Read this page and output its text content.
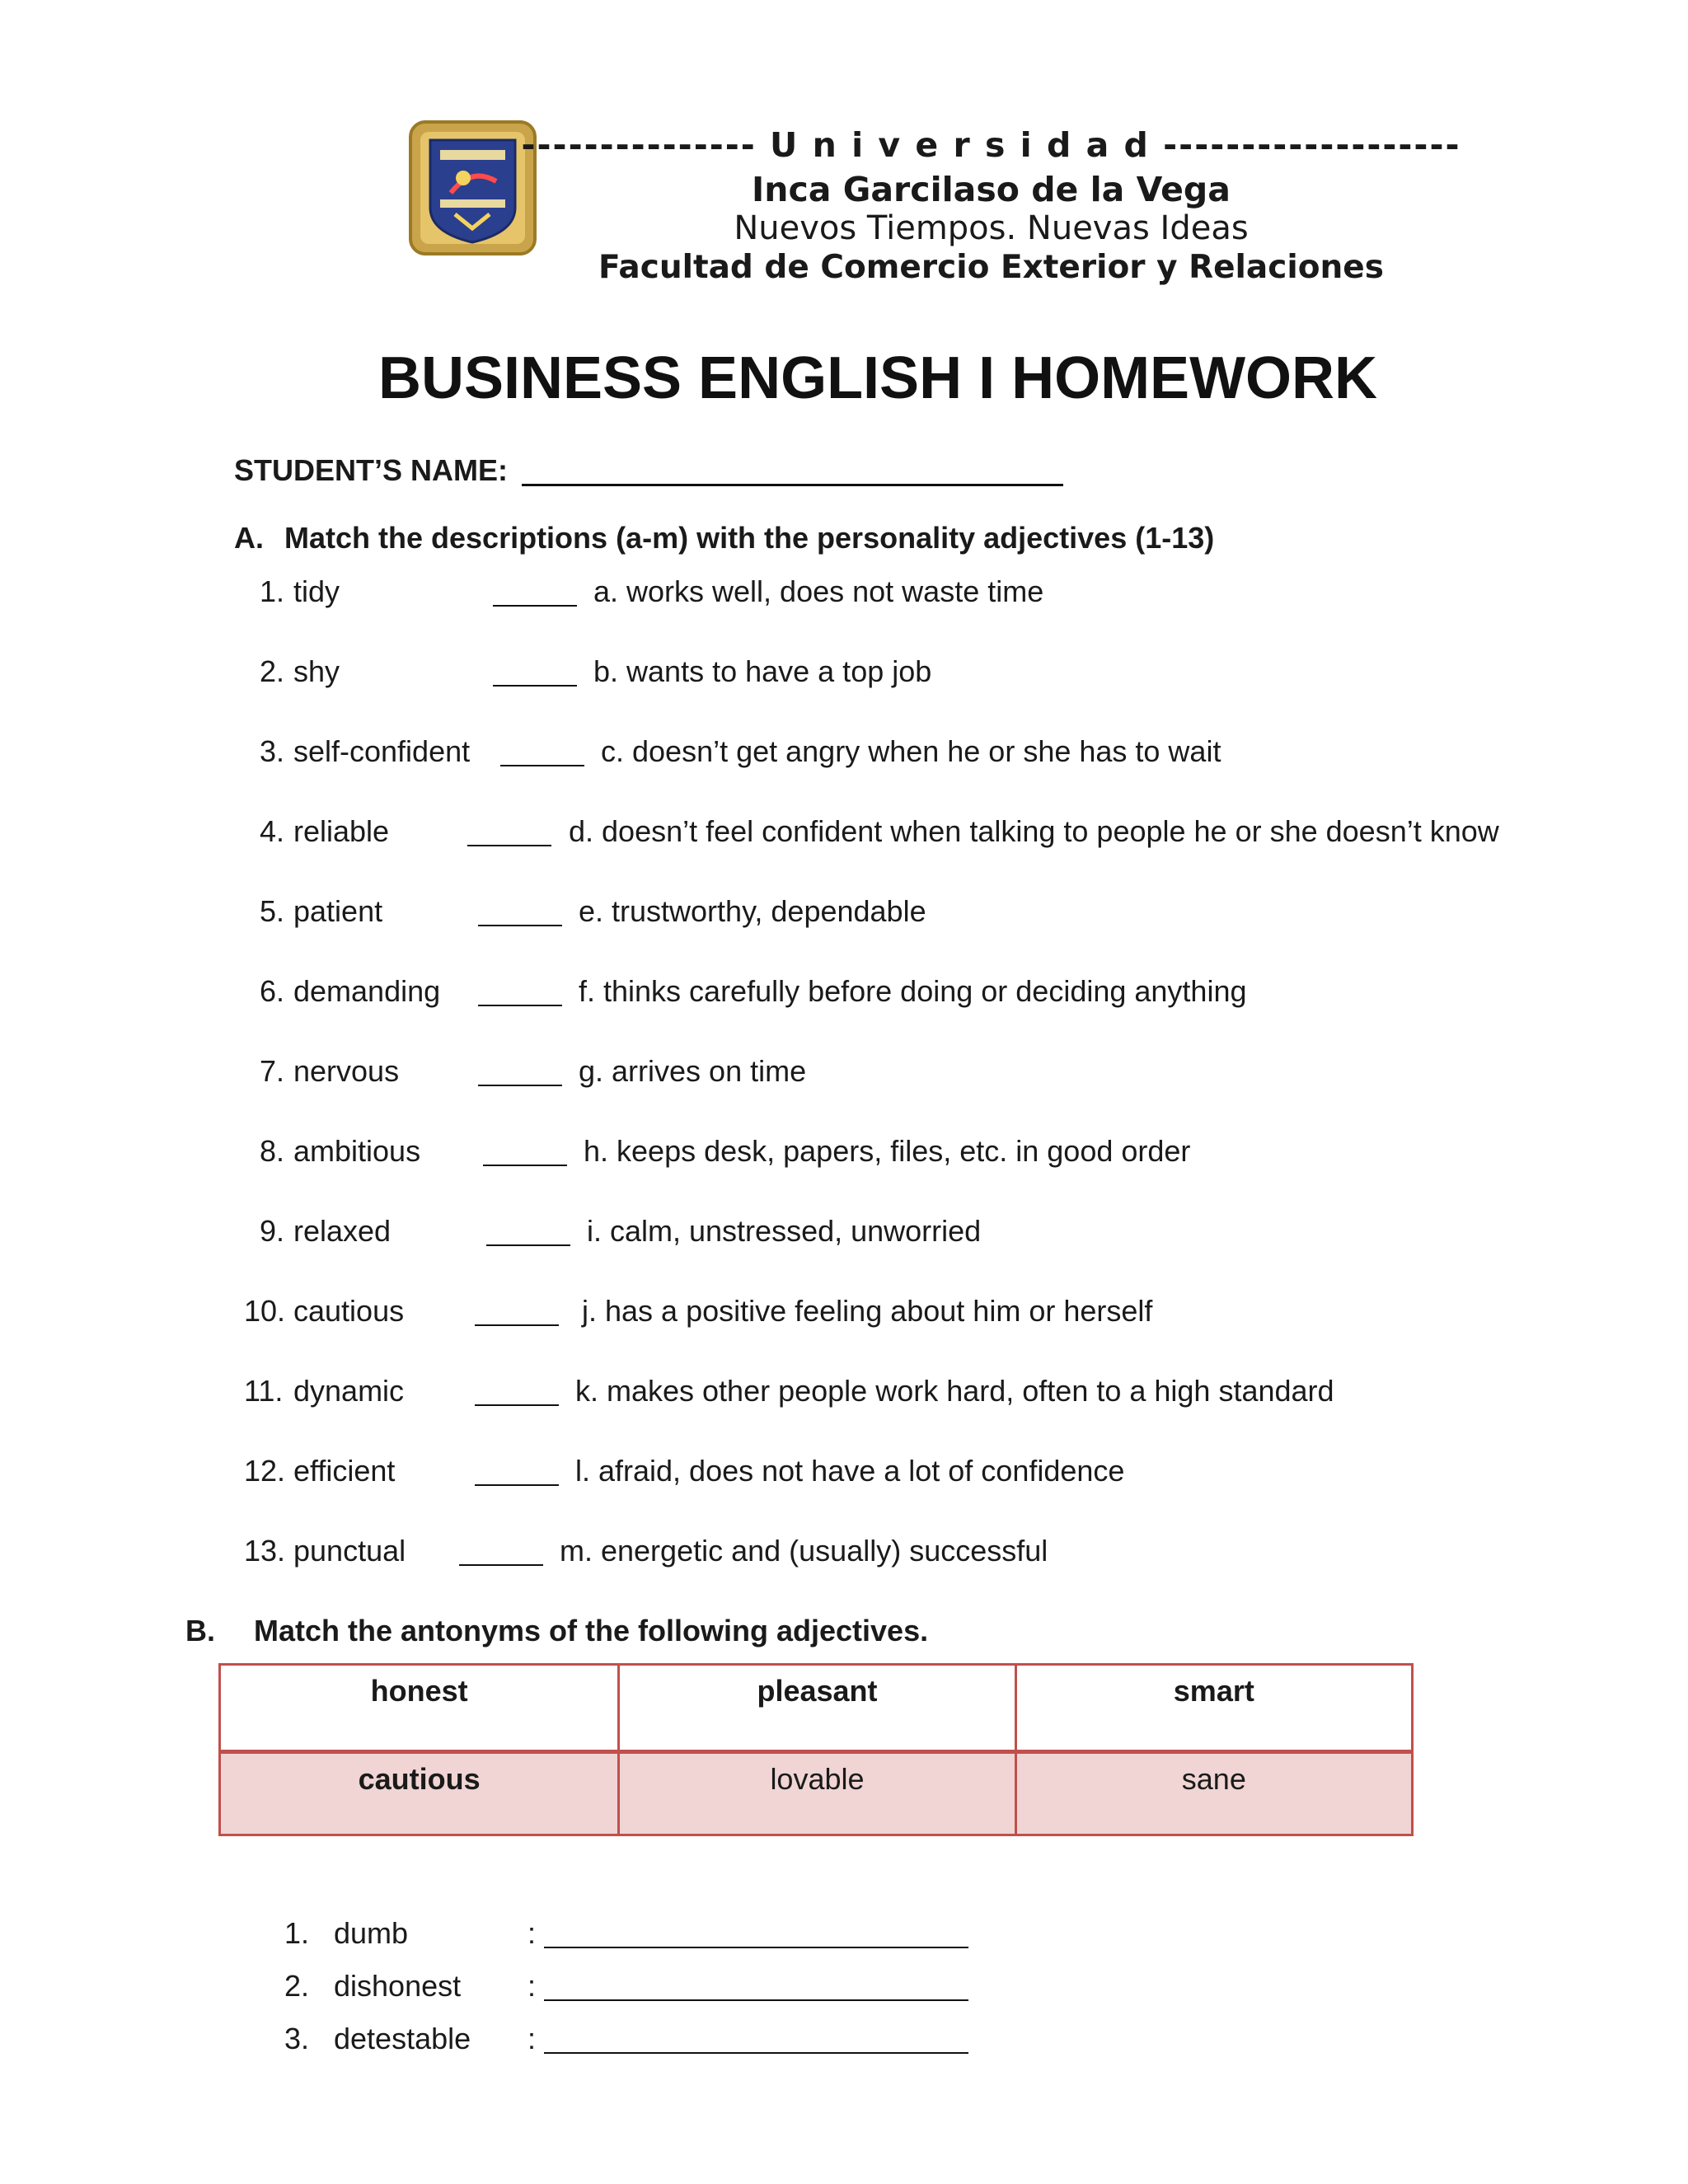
--------------- U n i v e r s i d a d -------------------
Inca Garcilaso de la Vega
Nuevos Tiempos. Nuevas Ideas
Facultad de Comercio Exterior y Relaciones
BUSINESS ENGLISH I HOMEWORK
STUDENT’S NAME:
A. Match the descriptions (a-m) with the personality adjectives (1-13)
1. tidy	a. works well, does not waste time
2. shy	b. wants to have a top job
3. self-confident	c. doesn’t get angry when he or she has to wait
4. reliable	d. doesn’t feel confident when talking to people he or she doesn’t know
5. patient	e. trustworthy, dependable
6. demanding	f. thinks carefully before doing or deciding anything
7. nervous	g. arrives on time
8. ambitious	h. keeps desk, papers, files, etc. in good order
9. relaxed	i. calm, unstressed, unworried
10. cautious	j. has a positive feeling about him or herself
11. dynamic	k. makes other people work hard, often to a high standard
12. efficient	l. afraid, does not have a lot of confidence
13. punctual	m. energetic and (usually) successful
B. Match the antonyms of the following adjectives.
honest	pleasant	smart
cautious	lovable	sane
1. dumb	:
2. dishonest :
3. detestable :
